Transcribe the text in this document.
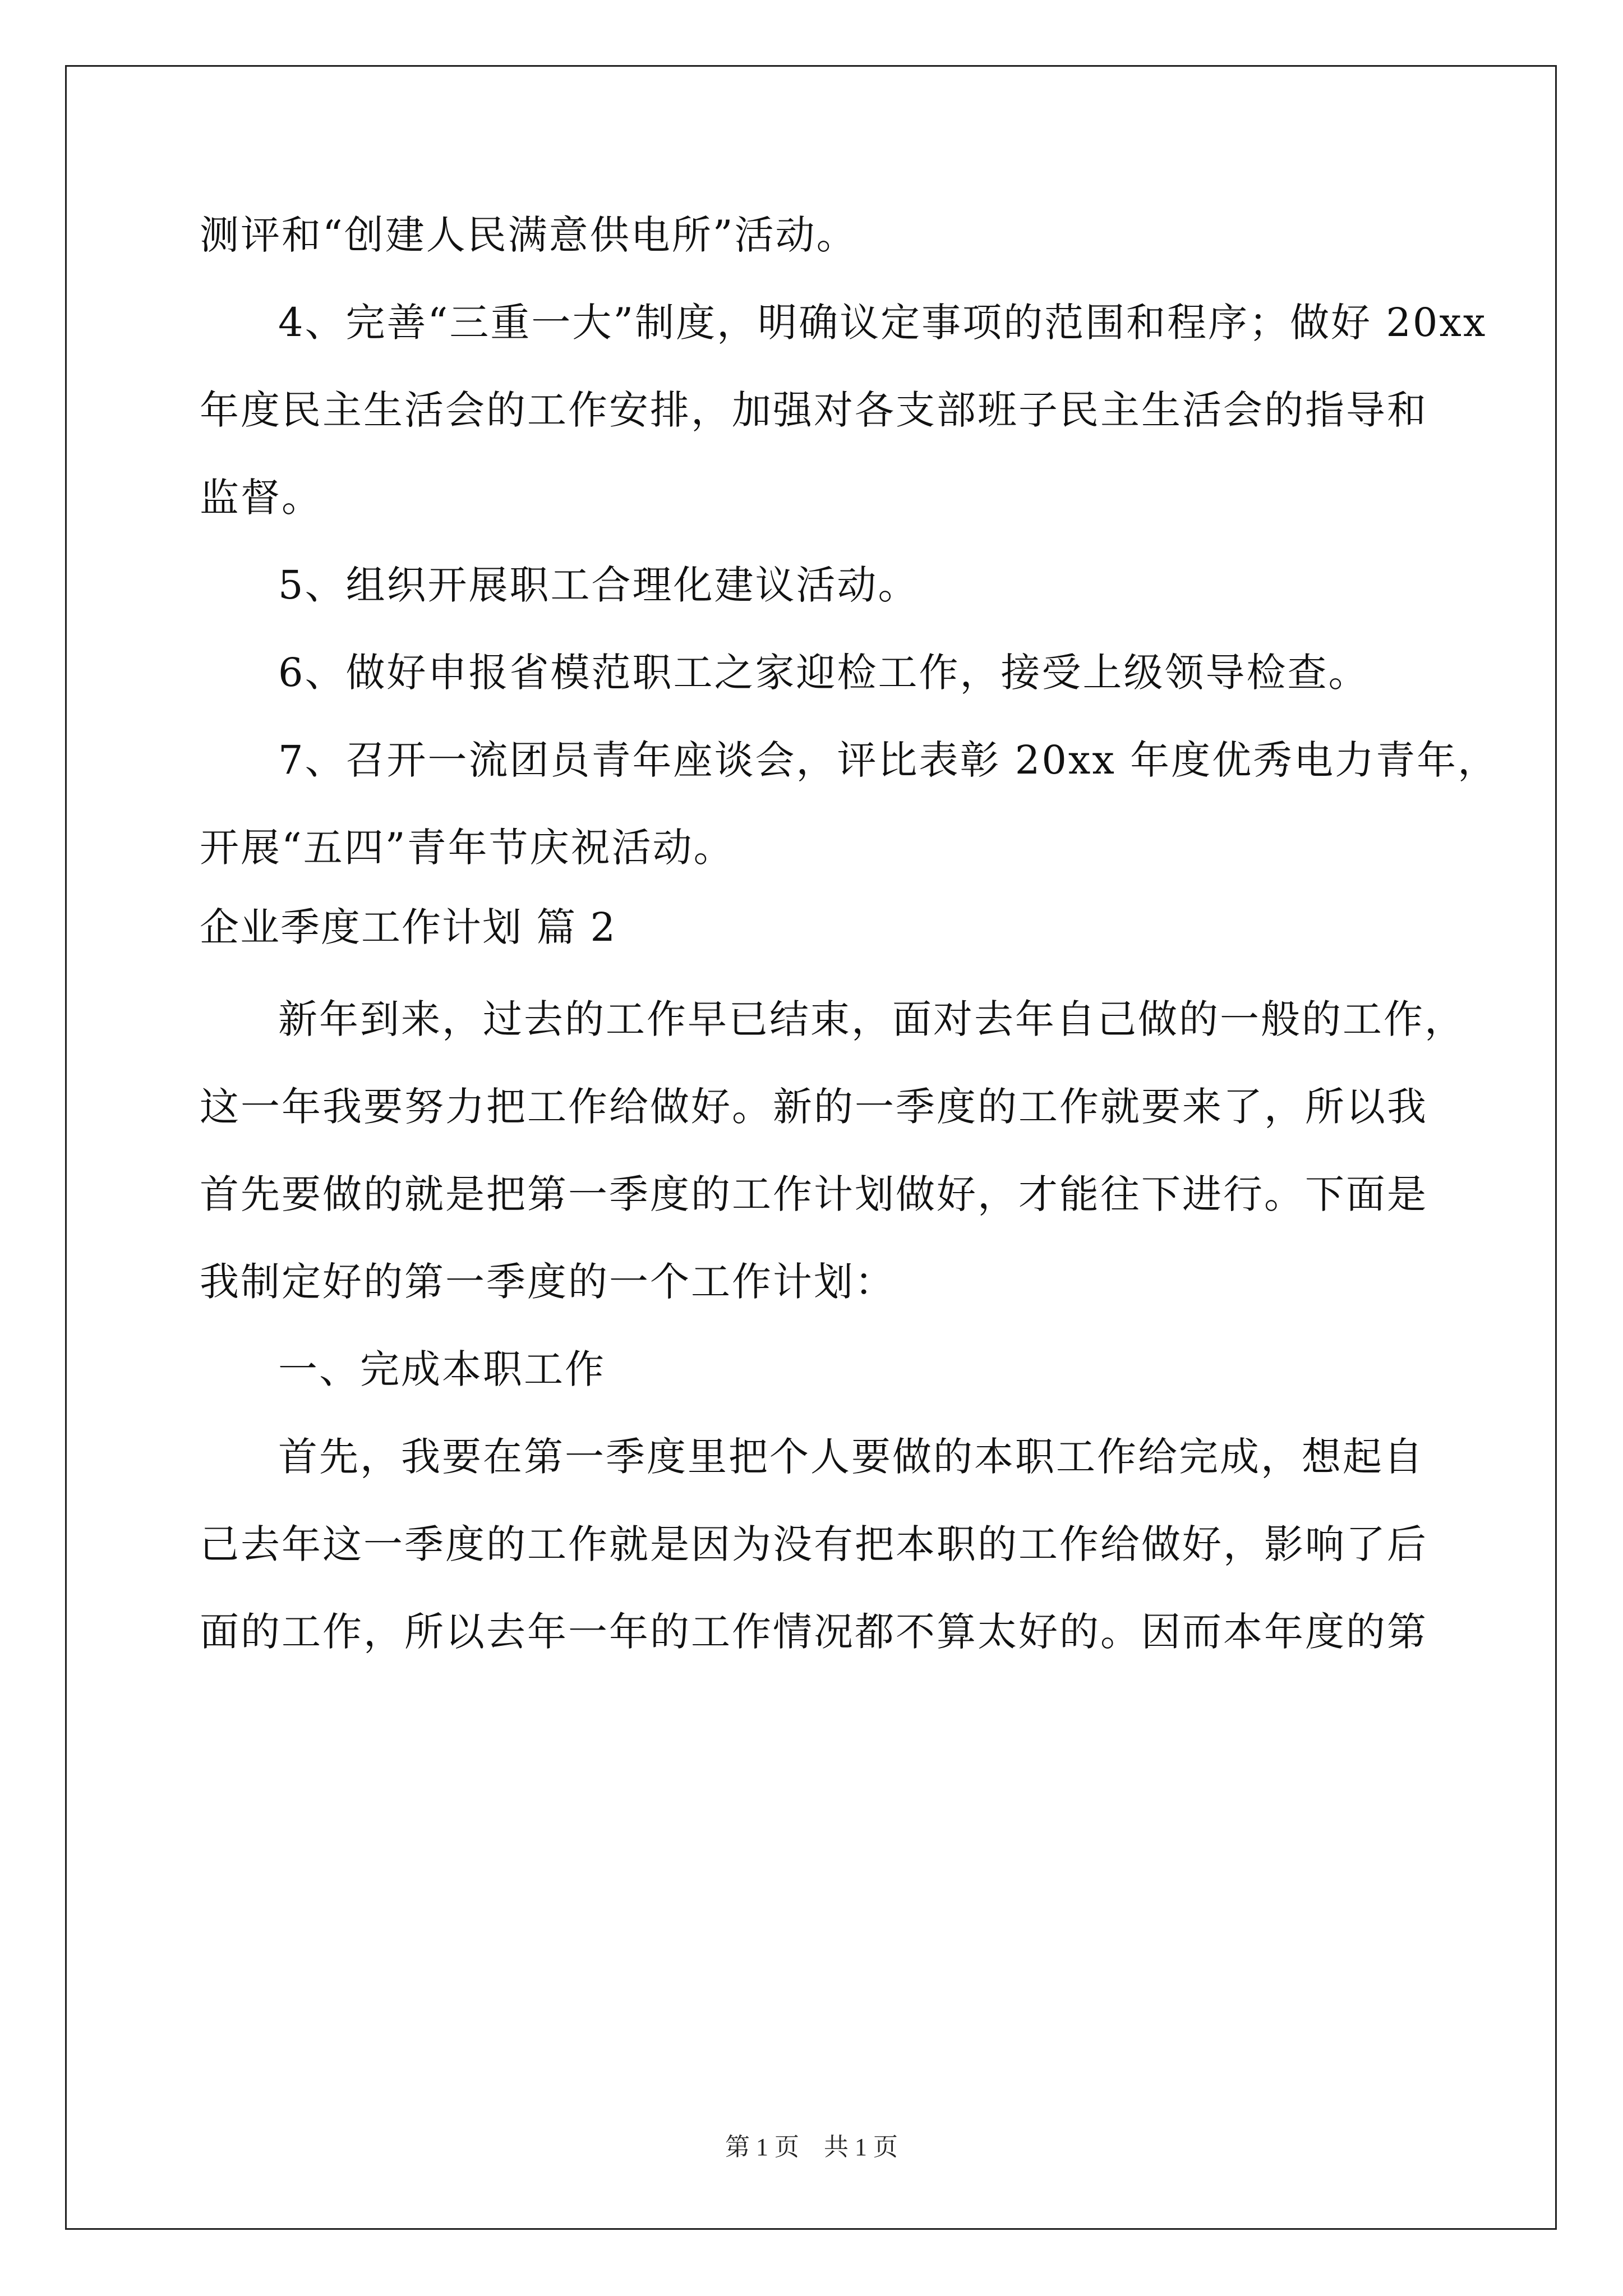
测评和“创建人民满意供电所”活动。
4、完善“三重一大”制度，明确议定事项的范围和程序；做好 20xx
年度民主生活会的工作安排，加强对各支部班子民主生活会的指导和
监督。
5、组织开展职工合理化建议活动。
6、做好申报省模范职工之家迎检工作，接受上级领导检查。
7、召开一流团员青年座谈会，评比表彰 20xx 年度优秀电力青年，
开展“五四”青年节庆祝活动。
企业季度工作计划 篇 2
新年到来，过去的工作早已结束，面对去年自己做的一般的工作，
这一年我要努力把工作给做好。新的一季度的工作就要来了，所以我
首先要做的就是把第一季度的工作计划做好，才能往下进行。下面是
我制定好的第一季度的一个工作计划：
一、完成本职工作
首先，我要在第一季度里把个人要做的本职工作给完成，想起自
己去年这一季度的工作就是因为没有把本职的工作给做好，影响了后
面的工作，所以去年一年的工作情况都不算太好的。因而本年度的第
第 1 页 共 1 页
